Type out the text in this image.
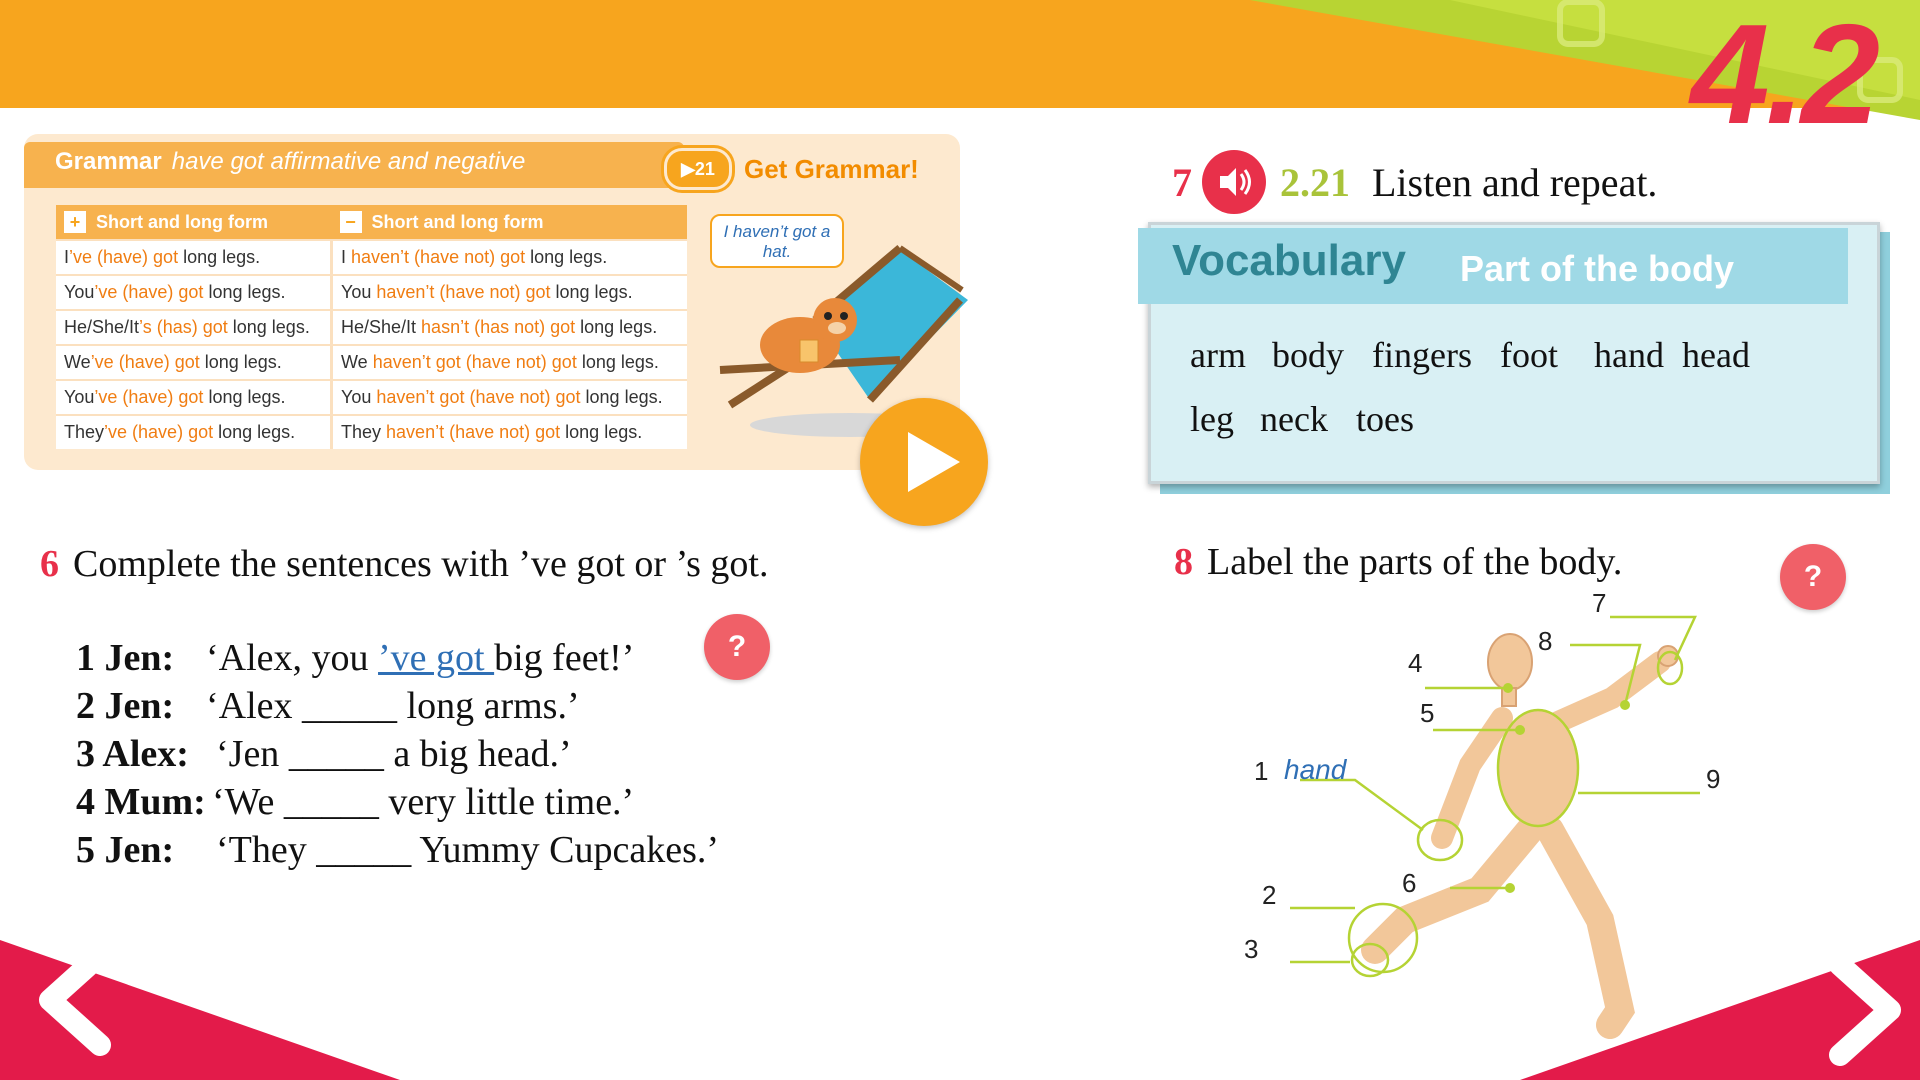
4.2
Grammar have got affirmative and negative	▶ 21 Get Grammar!
+ Short and long form	− Short and long form
I’ve (have) got long legs.	I haven’t (have not) got long legs.
You’ve (have) got long legs.	You haven’t (have not) got long legs.
He/She/It’s (has) got long legs.	He/She/It hasn’t (has not) got long legs.
We’ve (have) got long legs.	We haven’t got (have not) got long legs.
You’ve (have) got long legs.	You haven’t got (have not) got long legs.
They’ve (have) got long legs.	They haven’t (have not) got long legs.
I haven’t got a hat.
6 Complete the sentences with ’ve got or ’s got.
1 Jen: ‘Alex, you ’ve got big feet!’
2 Jen: ‘Alex _____ long arms.’
3 Alex: ‘Jen _____ a big head.’
4 Mum: ‘We _____ very little time.’
5 Jen: ‘They _____ Yummy Cupcakes.’
?
7 2.21 Listen and repeat.
Vocabulary Part of the body
arm body fingers foot hand head
leg neck toes
8 Label the parts of the body.	?
1 hand
2
3
4
5
6
7
8
9
